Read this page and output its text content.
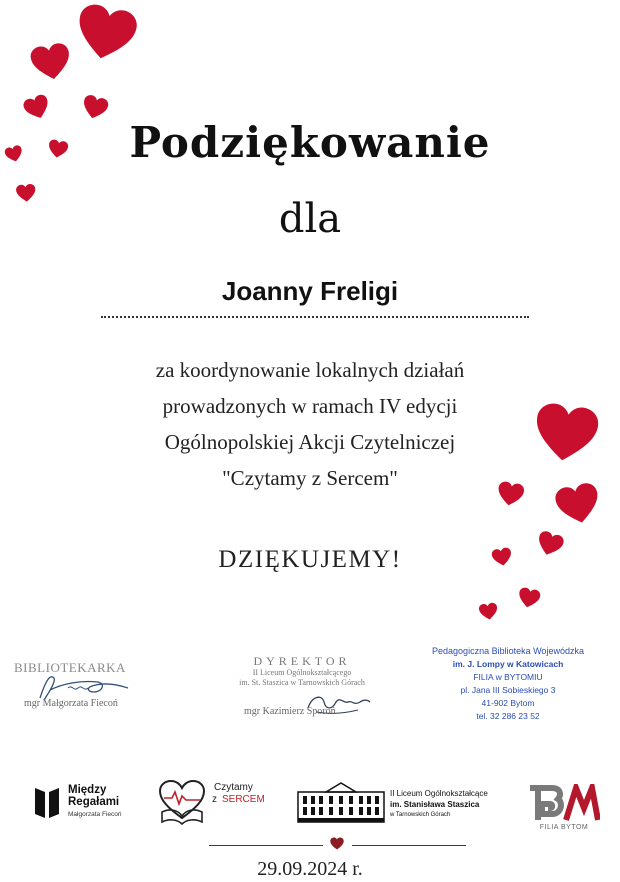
Podziękowanie
dla
Joanny Freligi
za koordynowanie lokalnych działań
prowadzonych w ramach IV edycji
Ogólnopolskiej Akcji Czytelniczej
"Czytamy z Sercem"
DZIĘKUJEMY!
BIBLIOTEKARKA
mgr Małgorzata Fiecoń
DYREKTOR
II Liceum Ogólnokształcącego
im. St. Staszica w Tarnowskich Górach
mgr Kazimierz Sporoń
Pedagogiczna Biblioteka Wojewódzka
im. J. Lompy w Katowicach
FILIA w BYTOMIU
pl. Jana III Sobieskiego 3
41-902 Bytom
tel. 32 286 23 52
Między
Regałami
Małgorzata Fiecoń
Czytamy
z SERCEM
II Liceum Ogólnokształcące
im. Stanisława Staszica
w Tarnowskich Górach
FILIA BYTOM
29.09.2024 r.
